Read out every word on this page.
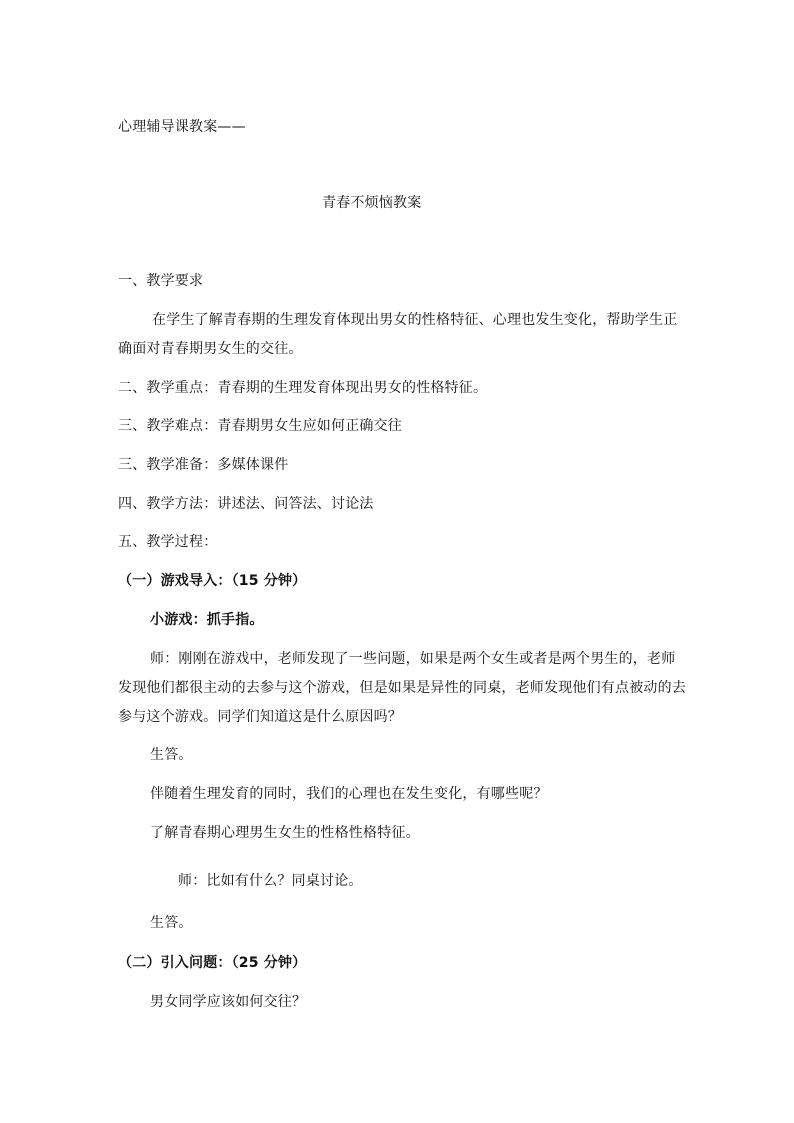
心理辅导课教案——
青春不烦恼教案
一、教学要求
在学生了解青春期的生理发育体现出男女的性格特征、心理也发生变化，帮助学生正
确面对青春期男女生的交往。
二、教学重点：青春期的生理发育体现出男女的性格特征。
三、教学难点：青春期男女生应如何正确交往
三、教学准备：多媒体课件
四、教学方法：讲述法、问答法、讨论法
五、教学过程：
（一）游戏导入：（15 分钟）
小游戏：抓手指。
师：刚刚在游戏中，老师发现了一些问题，如果是两个女生或者是两个男生的，老师
发现他们都很主动的去参与这个游戏，但是如果是异性的同桌，老师发现他们有点被动的去
参与这个游戏。同学们知道这是什么原因吗？
生答。
伴随着生理发育的同时，我们的心理也在发生变化，有哪些呢？
了解青春期心理男生女生的性格性格特征。
师：比如有什么？同桌讨论。
生答。
（二）引入问题：（25 分钟）
男女同学应该如何交往？
